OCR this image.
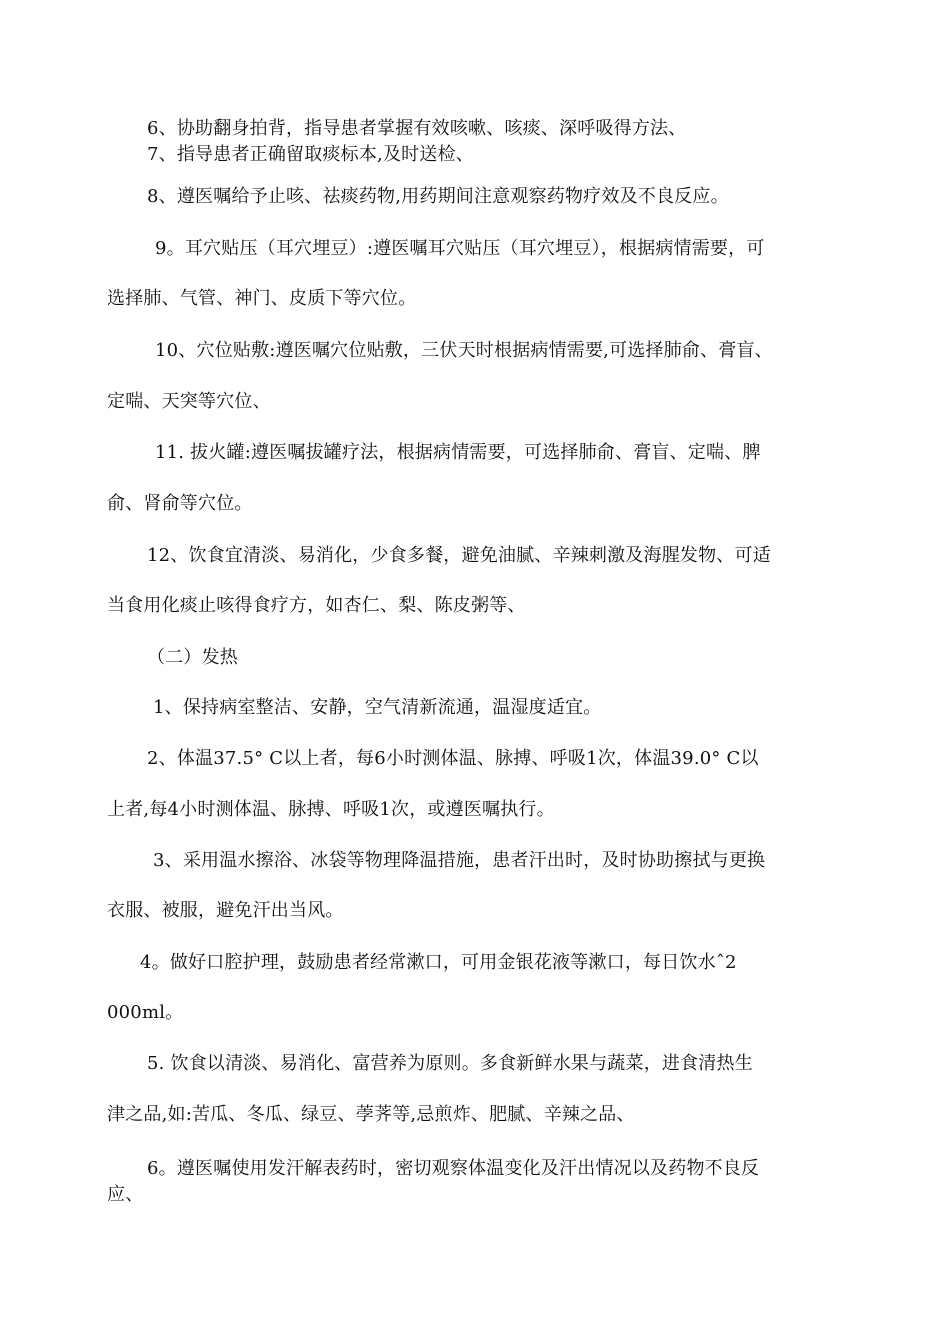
6、协助翻身拍背，指导患者掌握有效咳嗽、咳痰、深呼吸得方法、
7、指导患者正确留取痰标本,及时送检、
8、遵医嘱给予止咳、祛痰药物,用药期间注意观察药物疗效及不良反应。
9。耳穴贴压（耳穴埋豆）:遵医嘱耳穴贴压（耳穴埋豆），根据病情需要，可
选择肺、气管、神门、皮质下等穴位。
10、穴位贴敷:遵医嘱穴位贴敷，三伏天时根据病情需要,可选择肺俞、膏盲、
定喘、天突等穴位、
11. 拔火罐:遵医嘱拔罐疗法，根据病情需要，可选择肺俞、膏盲、定喘、脾
俞、肾俞等穴位。
12、饮食宜清淡、易消化，少食多餐，避免油腻、辛辣刺激及海腥发物、可适
当食用化痰止咳得食疗方，如杏仁、梨、陈皮粥等、
（二）发热
1、保持病室整洁、安静，空气清新流通，温湿度适宜。
2、体温37.5° C以上者，每6小时测体温、脉搏、呼吸1次，体温39.0° C以
上者,每4小时测体温、脉搏、呼吸1次，或遵医嘱执行。
3、采用温水擦浴、冰袋等物理降温措施，患者汗出时，及时协助擦拭与更换
衣服、被服，避免汗出当风。
4。做好口腔护理，鼓励患者经常漱口，可用金银花液等漱口，每日饮水ˆ2
000ml。
5. 饮食以清淡、易消化、富营养为原则。多食新鲜水果与蔬菜，进食清热生
津之品,如:苦瓜、冬瓜、绿豆、荸荠等,忌煎炸、肥腻、辛辣之品、
6。遵医嘱使用发汗解表药时，密切观察体温变化及汗出情况以及药物不良反
应、
